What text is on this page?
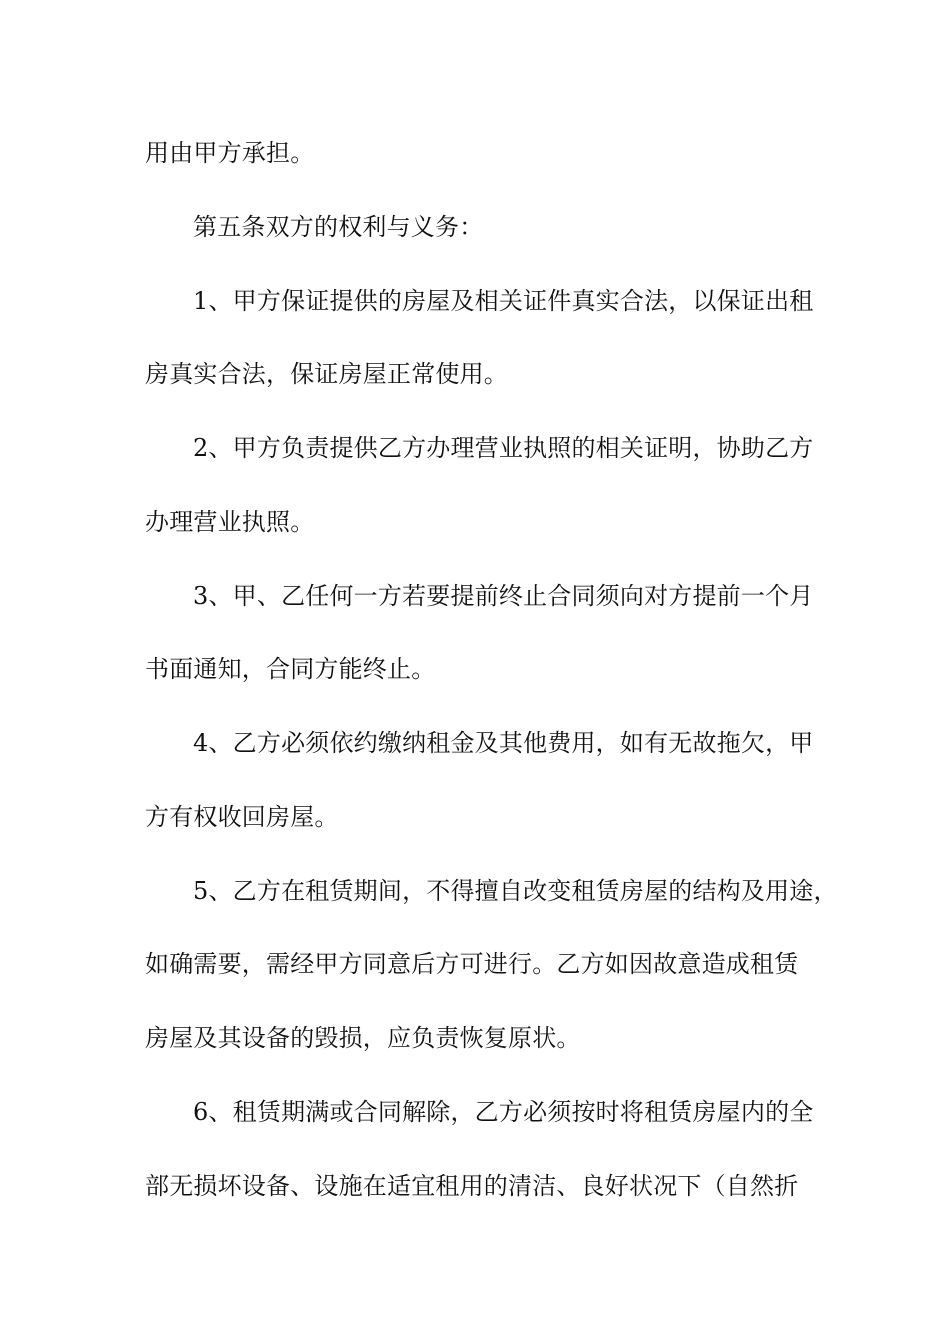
用由甲方承担。
第五条双方的权利与义务：
1、甲方保证提供的房屋及相关证件真实合法，以保证出租
房真实合法，保证房屋正常使用。
2、甲方负责提供乙方办理营业执照的相关证明，协助乙方
办理营业执照。
3、甲、乙任何一方若要提前终止合同须向对方提前一个月
书面通知，合同方能终止。
4、乙方必须依约缴纳租金及其他费用，如有无故拖欠，甲
方有权收回房屋。
5、乙方在租赁期间，不得擅自改变租赁房屋的结构及用途，
如确需要，需经甲方同意后方可进行。乙方如因故意造成租赁
房屋及其设备的毁损，应负责恢复原状。
6、租赁期满或合同解除，乙方必须按时将租赁房屋内的全
部无损坏设备、设施在适宜租用的清洁、良好状况下（自然折
